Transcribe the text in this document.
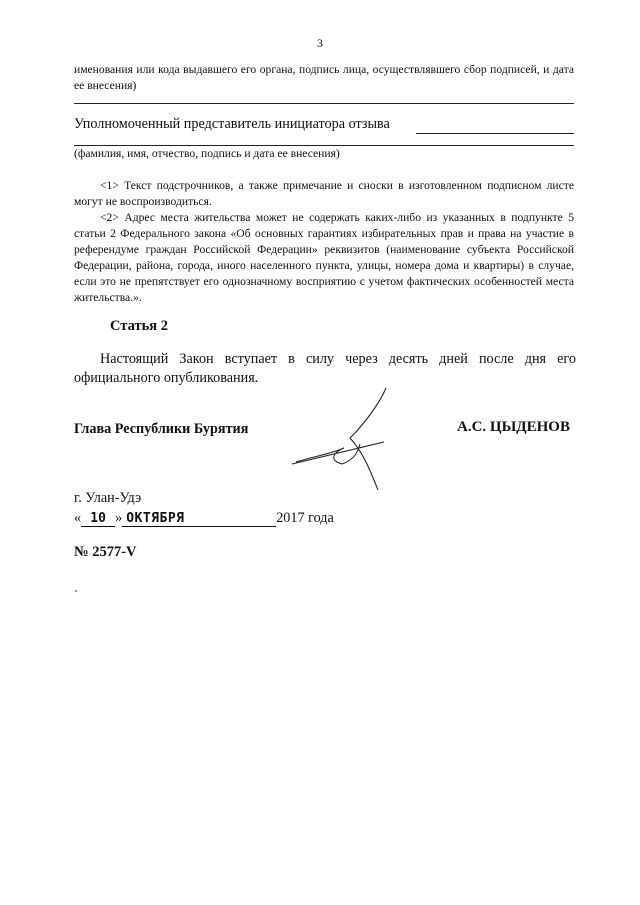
3
именования или кода выдавшего его органа, подпись лица, осуществлявшего сбор подписей, и дата ее внесения)
Уполномоченный представитель инициатора отзыва
(фамилия, имя, отчество, подпись и дата ее внесения)

<1> Текст подстрочников, а также примечание и сноски в изготовленном подписном листе могут не воспроизводиться.

<2> Адрес места жительства может не содержать каких-либо из указанных в подпункте 5 статьи 2 Федерального закона «Об основных гарантиях избирательных прав и права на участие в референдуме граждан Российской Федерации» реквизитов (наименование субъекта Российской Федерации, района, города, иного населенного пункта, улицы, номера дома и квартиры) в случае, если это не препятствует его однозначному восприятию с учетом фактических особенностей места жительства.».

Статья 2
Настоящий Закон вступает в силу через десять дней после дня его официального опубликования.
Глава Республики Бурятия	А.С. ЦЫДЕНОВ
г. Улан-Удэ
« 10 » ОКТЯБРЯ	2017 года
№ 2577-V
